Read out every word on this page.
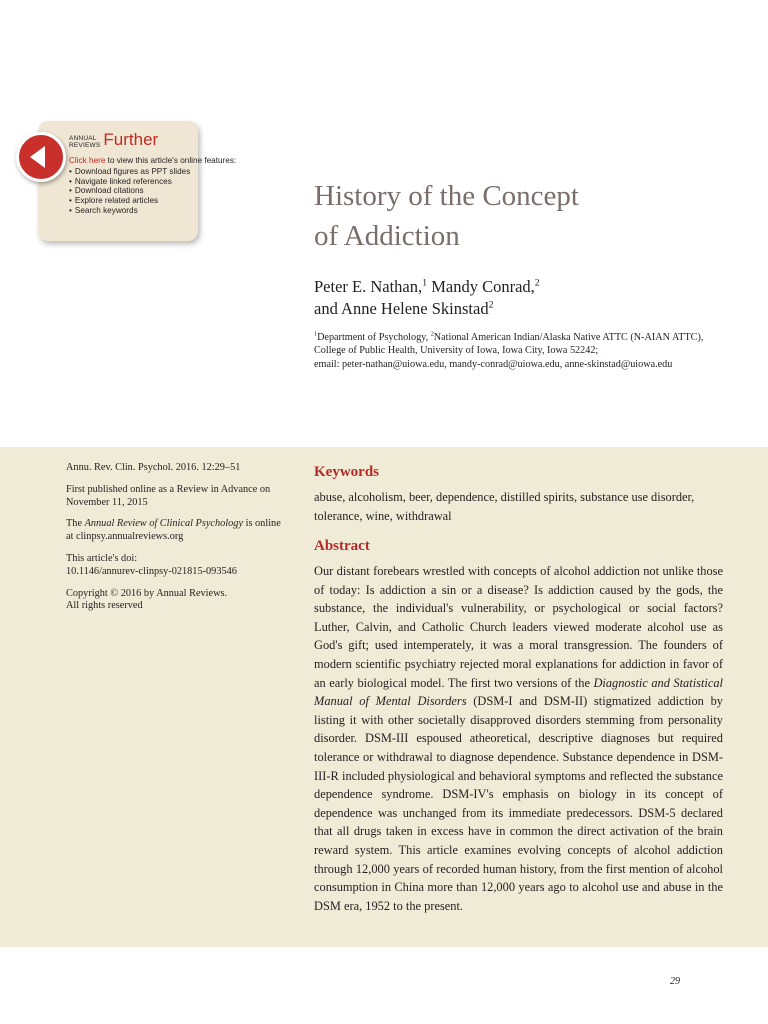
ANNUAL
REVIEWS Further
Click here to view this article's online features:
• Download figures as PPT slides
• Navigate linked references
• Download citations
• Explore related articles
• Search keywords	History of the Concept
of Addiction
Peter E. Nathan,$^1$ Mandy Conrad,$^2$
and Anne Helene Skinstad$^2$
$^1$Department of Psychology, $^2$National American Indian/Alaska Native ATTC (N-AIAN ATTC), College of Public Health, University of Iowa, Iowa City, Iowa 52242;
email: peter-nathan@uiowa.edu, mandy-conrad@uiowa.edu, anne-skinstad@uiowa.edu

Annu. Rev. Clin. Psychol. 2016. 12:29–51

First published online as a Review in Advance on November 11, 2015

The Annual Review of Clinical Psychology is online at clinpsy.annualreviews.org

This article's doi:
10.1146/annurev-clinpsy-021815-093546

Copyright © 2016 by Annual Reviews.
All rights reserved

Keywords

abuse, alcoholism, beer, dependence, distilled spirits, substance use disorder, tolerance, wine, withdrawal

Abstract

Our distant forebears wrestled with concepts of alcohol addiction not unlike those of today: Is addiction a sin or a disease? Is addiction caused by the gods, the substance, the individual's vulnerability, or psychological or social factors? Luther, Calvin, and Catholic Church leaders viewed moderate alcohol use as God's gift; used intemperately, it was a moral transgression. The founders of modern scientific psychiatry rejected moral explanations for addiction in favor of an early biological model. The first two versions of the Diagnostic and Statistical Manual of Mental Disorders (DSM-I and DSM-II) stigmatized addiction by listing it with other societally disapproved disorders stemming from personality disorder. DSM-III espoused atheoretical, descriptive diagnoses but required tolerance or withdrawal to diagnose dependence. Substance dependence in DSM-III-R included physiological and behavioral symptoms and reflected the substance dependence syndrome. DSM-IV's emphasis on biology in its concept of dependence was unchanged from its immediate predecessors. DSM-5 declared that all drugs taken in excess have in common the direct activation of the brain reward system. This article examines evolving concepts of alcohol addiction through 12,000 years of recorded human history, from the first mention of alcohol consumption in China more than 12,000 years ago to alcohol use and abuse in the DSM era, 1952 to the present.

29
